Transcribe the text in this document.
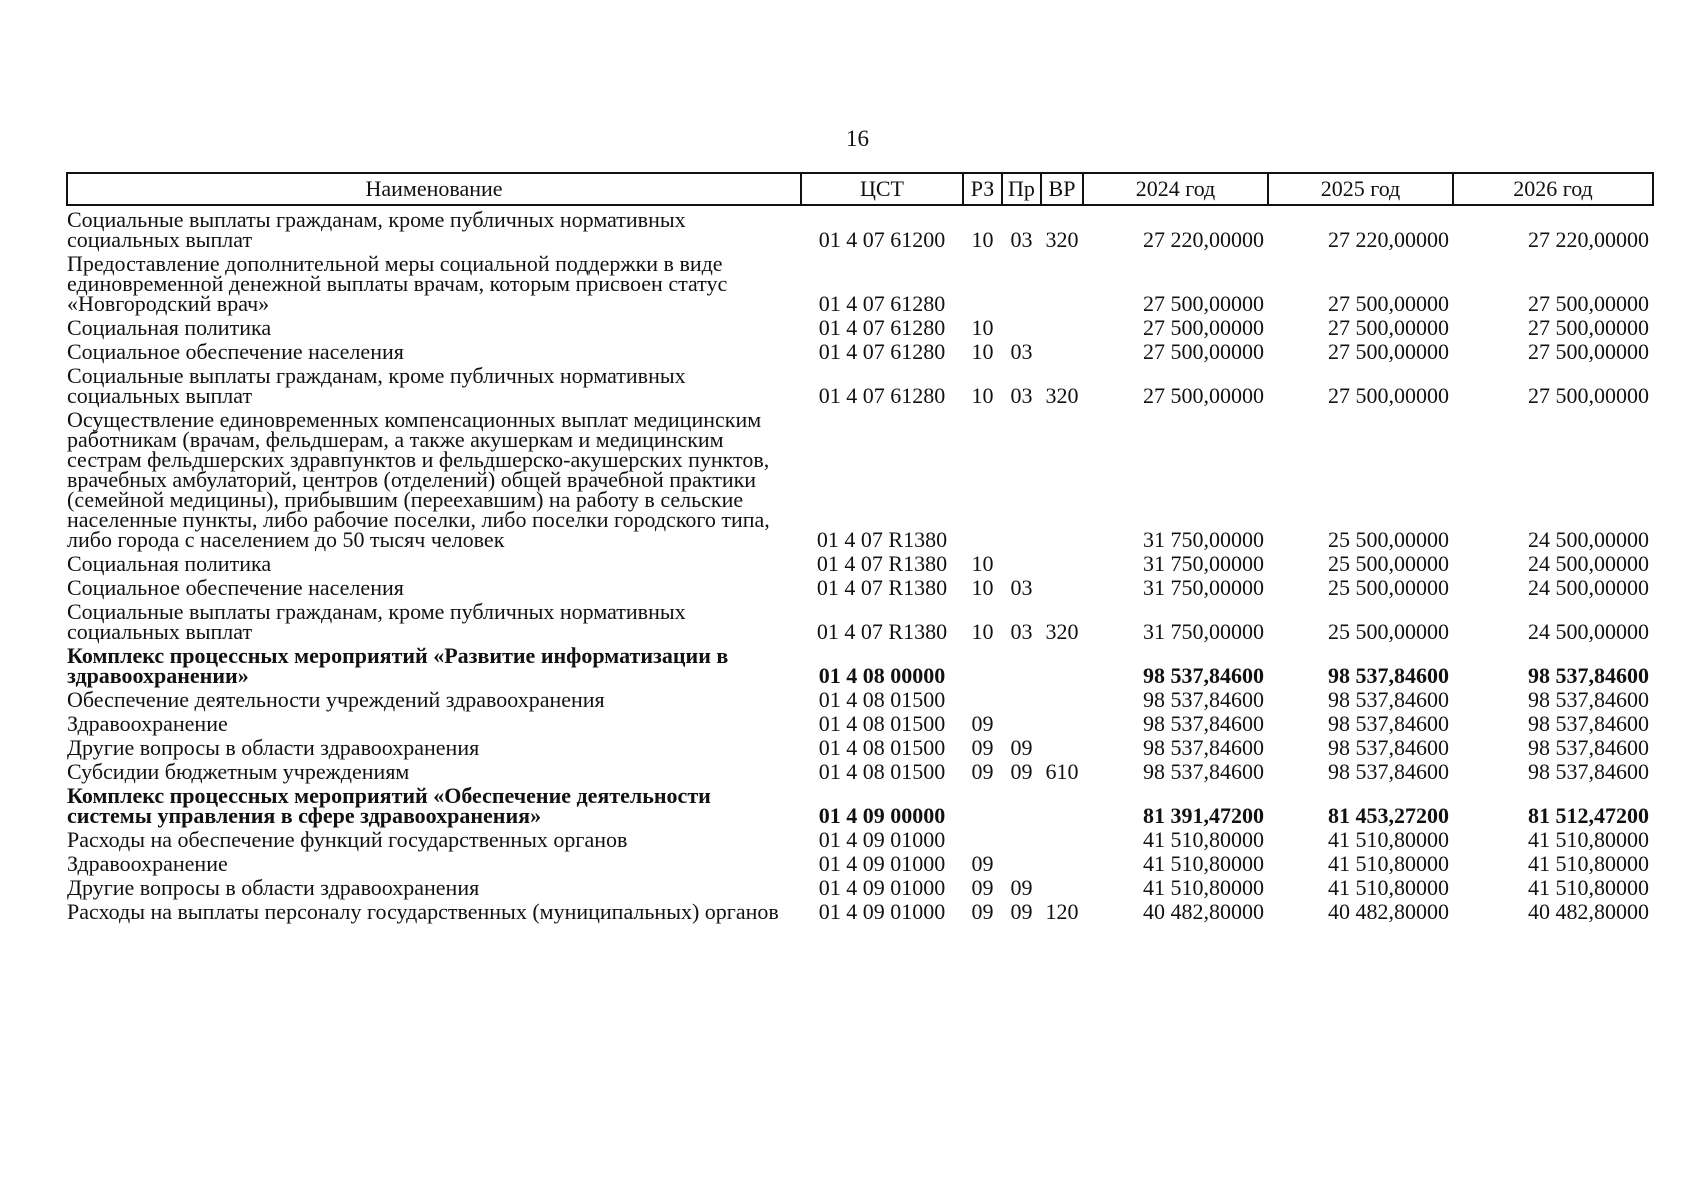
16
Наименование	ЦСТ	РЗ	Пр	ВР	2024 год	2025 год	2026 год
Социальные выплаты гражданам, кроме публичных нормативных социальных выплат	01 4 07 61200	10	03	320	27 220,00000	27 220,00000	27 220,00000
Предоставление дополнительной меры социальной поддержки в виде единовременной денежной выплаты врачам, которым присвоен статус «Новгородский врач»	01 4 07 61280				27 500,00000	27 500,00000	27 500,00000
Социальная политика	01 4 07 61280	10			27 500,00000	27 500,00000	27 500,00000
Социальное обеспечение населения	01 4 07 61280	10	03		27 500,00000	27 500,00000	27 500,00000
Социальные выплаты гражданам, кроме публичных нормативных социальных выплат	01 4 07 61280	10	03	320	27 500,00000	27 500,00000	27 500,00000
Осуществление единовременных компенсационных выплат медицинским работникам (врачам, фельдшерам, а также акушеркам и медицинским сестрам фельдшерских здравпунктов и фельдшерско-акушерских пунктов, врачебных амбулаторий, центров (отделений) общей врачебной практики (семейной медицины), прибывшим (переехавшим) на работу в сельские населенные пункты, либо рабочие поселки, либо поселки городского типа, либо города с населением до 50 тысяч человек	01 4 07 R1380				31 750,00000	25 500,00000	24 500,00000
Социальная политика	01 4 07 R1380	10			31 750,00000	25 500,00000	24 500,00000
Социальное обеспечение населения	01 4 07 R1380	10	03		31 750,00000	25 500,00000	24 500,00000
Социальные выплаты гражданам, кроме публичных нормативных социальных выплат	01 4 07 R1380	10	03	320	31 750,00000	25 500,00000	24 500,00000
Комплекс процессных мероприятий «Развитие информатизации в здравоохранении»	01 4 08 00000				98 537,84600	98 537,84600	98 537,84600
Обеспечение деятельности учреждений здравоохранения	01 4 08 01500				98 537,84600	98 537,84600	98 537,84600
Здравоохранение	01 4 08 01500	09			98 537,84600	98 537,84600	98 537,84600
Другие вопросы в области здравоохранения	01 4 08 01500	09	09		98 537,84600	98 537,84600	98 537,84600
Субсидии бюджетным учреждениям	01 4 08 01500	09	09	610	98 537,84600	98 537,84600	98 537,84600
Комплекс процессных мероприятий «Обеспечение деятельности системы управления в сфере здравоохранения»	01 4 09 00000				81 391,47200	81 453,27200	81 512,47200
Расходы на обеспечение функций государственных органов	01 4 09 01000				41 510,80000	41 510,80000	41 510,80000
Здравоохранение	01 4 09 01000	09			41 510,80000	41 510,80000	41 510,80000
Другие вопросы в области здравоохранения	01 4 09 01000	09	09		41 510,80000	41 510,80000	41 510,80000
Расходы на выплаты персоналу государственных (муниципальных) органов	01 4 09 01000	09	09	120	40 482,80000	40 482,80000	40 482,80000
